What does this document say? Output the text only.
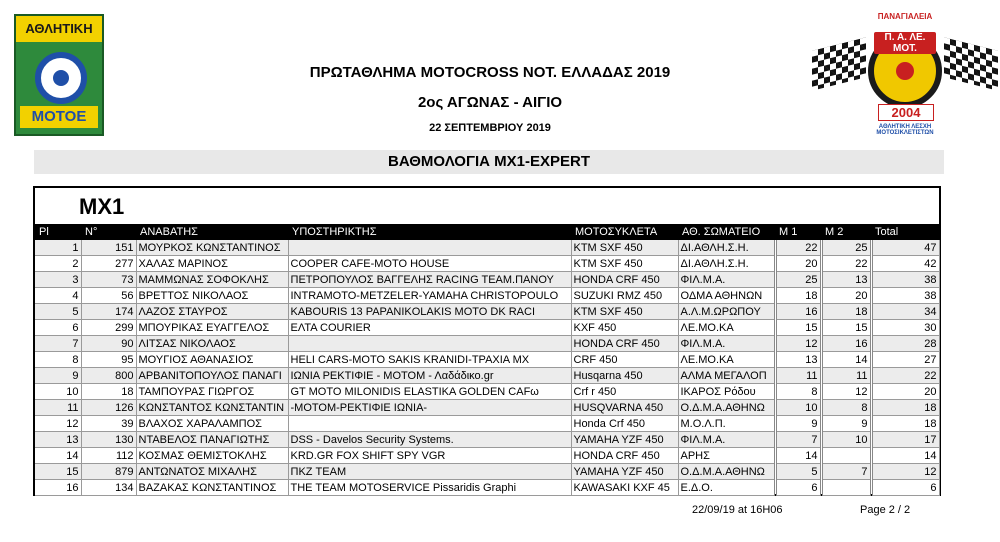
ΑΘΛΗΤΙΚΗ
ΜΟΤΟΕ
ΠΑΝΑΓΙΑΛΕΙΑ
Π. Α. ΛΕ. ΜΟΤ.
2004
ΑΘΛΗΤΙΚΗ ΛΕΣΧΗ ΜΟΤΟΣΙΚΛΕΤΙΣΤΩΝ
ΠΡΩΤΑΘΛΗΜΑ MOTOCROSS ΝΟΤ. ΕΛΛΑΔΑΣ 2019
2ος ΑΓΩΝΑΣ - ΑΙΓΙΟ
22 ΣΕΠΤΕΜΒΡΙΟΥ 2019
ΒΑΘΜΟΛΟΓΙΑ MX1-EXPERT
MX1
Pl	N°	ΑΝΑΒΑΤΗΣ	ΥΠΟΣΤΗΡΙΚΤΗΣ	ΜΟΤΟΣΥΚΛΕΤΑ	ΑΘ. ΣΩΜΑΤΕΙΟ	M 1	M 2	Total
1	151	ΜΟΥΡΚΟΣ ΚΩΝΣΤΑΝΤΙΝΟΣ		KTM SXF 450	ΔΙ.ΑΘΛΗ.Σ.Η.	22	25	47
2	277	ΧΑΛΑΣ ΜΑΡΙΝΟΣ	COOPER CAFE-MOTO HOUSE	KTM SXF 450	ΔΙ.ΑΘΛΗ.Σ.Η.	20	22	42
3	73	ΜΑΜΜΩΝΑΣ ΣΟΦΟΚΛΗΣ	ΠΕΤΡΟΠΟΥΛΟΣ ΒΑΓΓΕΛΗΣ RACING TEAM.ΠΑΝΟΥ	HONDA CRF 450	ΦΙΛ.Μ.Α.	25	13	38
4	56	ΒΡΕΤΤΟΣ ΝΙΚΟΛΑΟΣ	INTRAMOTO-METZELER-YAMAHA CHRISTOPOULO	SUZUKI RMZ 450	ΟΔΜΑ ΑΘΗΝΩΝ	18	20	38
5	174	ΛΑΖΟΣ ΣΤΑΥΡΟΣ	KABOURIS 13 PAPANIKOLAKIS MOTO DK RACI	KTM SXF 450	Α.Λ.Μ.ΩΡΩΠΟΥ	16	18	34
6	299	ΜΠΟΥΡΙΚΑΣ ΕΥΑΓΓΕΛΟΣ	ΕΛΤΑ COURIER	KXF 450	ΛΕ.ΜΟ.ΚΑ	15	15	30
7	90	ΛΙΤΣΑΣ ΝΙΚΟΛΑΟΣ		HONDA CRF 450	ΦΙΛ.Μ.Α.	12	16	28
8	95	ΜΟΥΓΙΟΣ ΑΘΑΝΑΣΙΟΣ	HELI CARS-MOTO SAKIS KRANIDI-ΤΡΑΧΙΑ MX	CRF 450	ΛΕ.ΜΟ.ΚΑ	13	14	27
9	800	ΑΡΒΑΝΙΤΟΠΟΥΛΟΣ ΠΑΝΑΓΙ	ΙΩΝΙΑ ΡΕΚΤΙΦΙΕ - ΜΟΤΟΜ - Λαδάδικο.gr	Husqarna 450	ΑΛΜΑ ΜΕΓΑΛΟΠ	11	11	22
10	18	ΤΑΜΠΟΥΡΑΣ ΓΙΩΡΓΟΣ	GT MOTO MILONIDIS ELASTIKA GOLDEN CAFω	Crf r 450	ΙΚΑΡΟΣ Ρόδου	8	12	20
11	126	ΚΩΝΣΤΑΝΤΟΣ ΚΩΝΣΤΑΝΤΙΝ	-ΜΟΤΟΜ-ΡΕΚΤΙΦΙΕ ΙΩΝΙΑ-	HUSQVARNA 450	Ο.Δ.Μ.Α.ΑΘΗΝΩ	10	8	18
12	39	ΒΛΑΧΟΣ ΧΑΡΑΛΑΜΠΟΣ		Honda Crf 450	Μ.Ο.Λ.Π.	9	9	18
13	130	ΝΤΑΒΕΛΟΣ ΠΑΝΑΓΙΩΤΗΣ	DSS - Davelos Security Systems.	YAMAHA YZF 450	ΦΙΛ.Μ.Α.	7	10	17
14	112	ΚΟΣΜΑΣ ΘΕΜΙΣΤΟΚΛΗΣ	KRD.GR FOX SHIFT SPY VGR	HONDA CRF 450	ΑΡΗΣ	14		14
15	879	ΑΝΤΩΝΑΤΟΣ ΜΙΧΑΛΗΣ	ΠΚΖ TEAM	YAMAHA YZF 450	Ο.Δ.Μ.Α.ΑΘΗΝΩ	5	7	12
16	134	ΒΑΖΑΚΑΣ ΚΩΝΣΤΑΝΤΙΝΟΣ	THE TEAM MOTOSERVICE Pissaridis Graphi	KAWASAKI KXF 45	Ε.Δ.Ο.	6		6
22/09/19 at 16H06	Page 2 / 2
